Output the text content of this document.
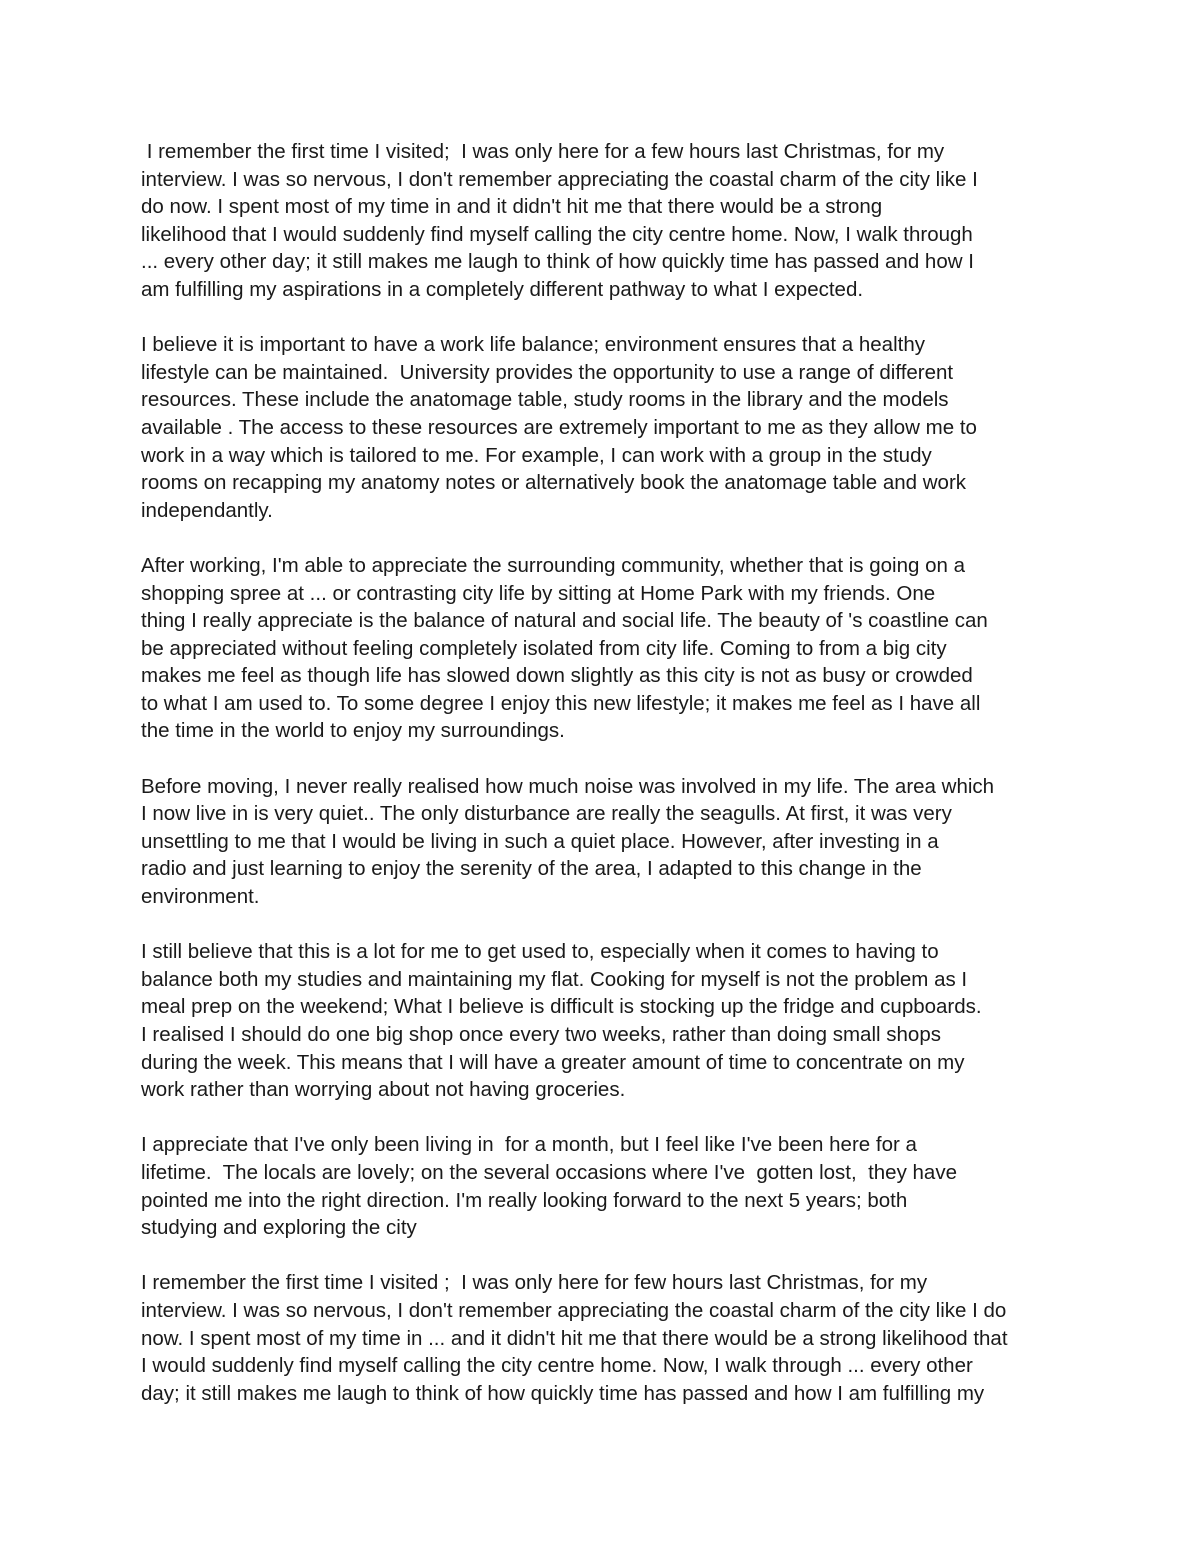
I remember the first time I visited;  I was only here for a few hours last Christmas, for my
interview. I was so nervous, I don't remember appreciating the coastal charm of the city like I
do now. I spent most of my time in and it didn't hit me that there would be a strong
likelihood that I would suddenly find myself calling the city centre home. Now, I walk through
... every other day; it still makes me laugh to think of how quickly time has passed and how I
am fulfilling my aspirations in a completely different pathway to what I expected.
I believe it is important to have a work life balance; environment ensures that a healthy
lifestyle can be maintained.  University provides the opportunity to use a range of different
resources. These include the anatomage table, study rooms in the library and the models
available . The access to these resources are extremely important to me as they allow me to
work in a way which is tailored to me. For example, I can work with a group in the study
rooms on recapping my anatomy notes or alternatively book the anatomage table and work
independantly.
After working, I'm able to appreciate the surrounding community, whether that is going on a
shopping spree at ... or contrasting city life by sitting at Home Park with my friends. One
thing I really appreciate is the balance of natural and social life. The beauty of 's coastline can
be appreciated without feeling completely isolated from city life. Coming to from a big city
makes me feel as though life has slowed down slightly as this city is not as busy or crowded
to what I am used to. To some degree I enjoy this new lifestyle; it makes me feel as I have all
the time in the world to enjoy my surroundings.
Before moving, I never really realised how much noise was involved in my life. The area which
I now live in is very quiet.. The only disturbance are really the seagulls. At first, it was very
unsettling to me that I would be living in such a quiet place. However, after investing in a
radio and just learning to enjoy the serenity of the area, I adapted to this change in the
environment.
I still believe that this is a lot for me to get used to, especially when it comes to having to
balance both my studies and maintaining my flat. Cooking for myself is not the problem as I
meal prep on the weekend; What I believe is difficult is stocking up the fridge and cupboards.
I realised I should do one big shop once every two weeks, rather than doing small shops
during the week. This means that I will have a greater amount of time to concentrate on my
work rather than worrying about not having groceries.
I appreciate that I've only been living in  for a month, but I feel like I've been here for a
lifetime.  The locals are lovely; on the several occasions where I've  gotten lost,  they have
pointed me into the right direction. I'm really looking forward to the next 5 years; both
studying and exploring the city
I remember the first time I visited ;  I was only here for few hours last Christmas, for my
interview. I was so nervous, I don't remember appreciating the coastal charm of the city like I do
now. I spent most of my time in ... and it didn't hit me that there would be a strong likelihood that
I would suddenly find myself calling the city centre home. Now, I walk through ... every other
day; it still makes me laugh to think of how quickly time has passed and how I am fulfilling my
